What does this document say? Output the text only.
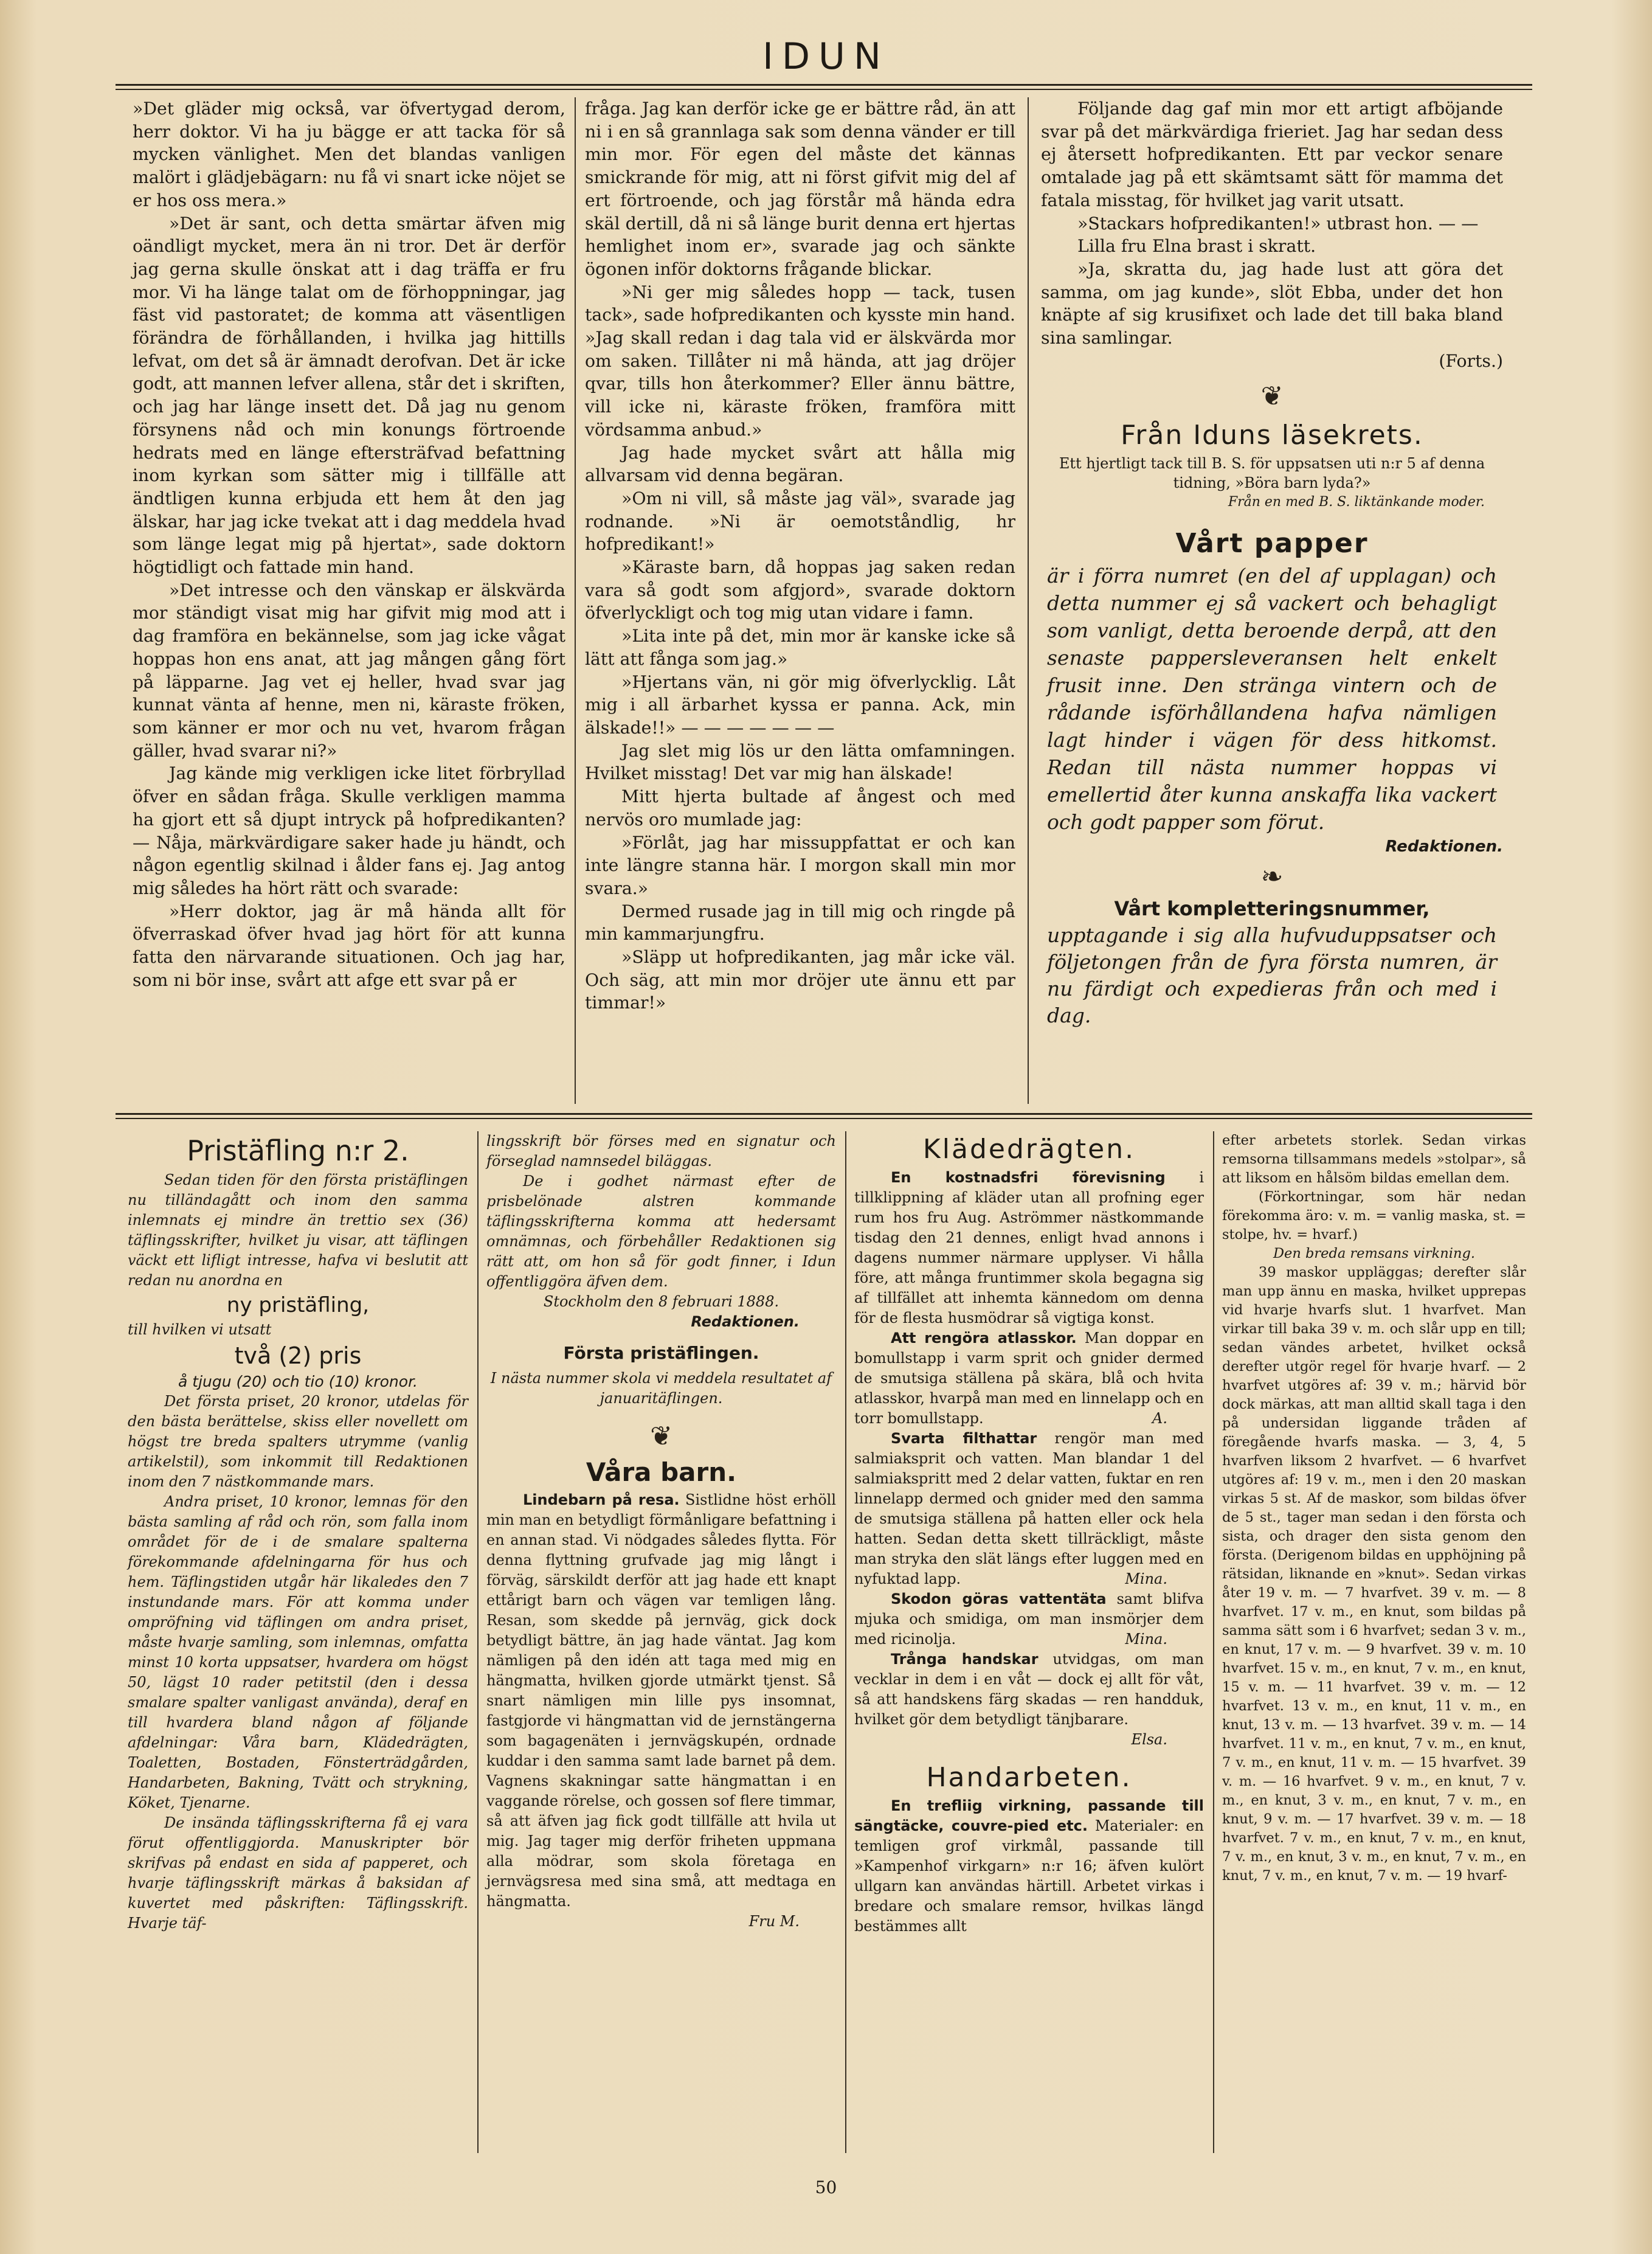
IDUN

»Det gläder mig också, var öfvertygad derom, herr doktor. Vi ha ju bägge er att tacka för så mycken vänlighet. Men det blandas vanligen malört i glädjebägarn: nu få vi snart icke nöjet se er hos oss mera.»

»Det är sant, och detta smärtar äfven mig oändligt mycket, mera än ni tror. Det är derför jag gerna skulle önskat att i dag träffa er fru mor. Vi ha länge talat om de förhoppningar, jag fäst vid pastoratet; de komma att väsentligen förändra de förhållanden, i hvilka jag hittills lefvat, om det så är ämnadt derofvan. Det är icke godt, att mannen lefver allena, står det i skriften, och jag har länge insett det. Då jag nu genom försynens nåd och min konungs förtroende hedrats med en länge eftersträfvad befattning inom kyrkan som sätter mig i tillfälle att ändtligen kunna erbjuda ett hem åt den jag älskar, har jag icke tvekat att i dag meddela hvad som länge legat mig på hjertat», sade doktorn högtidligt och fattade min hand.

»Det intresse och den vänskap er älskvärda mor ständigt visat mig har gifvit mig mod att i dag framföra en bekännelse, som jag icke vågat hoppas hon ens anat, att jag mången gång fört på läpparne. Jag vet ej heller, hvad svar jag kunnat vänta af henne, men ni, käraste fröken, som känner er mor och nu vet, hvarom frågan gäller, hvad svarar ni?»

Jag kände mig verkligen icke litet förbryllad öfver en sådan fråga. Skulle verkligen mamma ha gjort ett så djupt intryck på hofpredikanten? — Nåja, märkvärdigare saker hade ju händt, och någon egentlig skilnad i ålder fans ej. Jag antog mig således ha hört rätt och svarade:

»Herr doktor, jag är må hända allt för öfverraskad öfver hvad jag hört för att kunna fatta den närvarande situationen. Och jag har, som ni bör inse, svårt att afge ett svar på er

fråga. Jag kan derför icke ge er bättre råd, än att ni i en så grannlaga sak som denna vänder er till min mor. För egen del måste det kännas smickrande för mig, att ni först gifvit mig del af ert förtroende, och jag förstår må hända edra skäl dertill, då ni så länge burit denna ert hjertas hemlighet inom er», svarade jag och sänkte ögonen inför doktorns frågande blickar.

»Ni ger mig således hopp — tack, tusen tack», sade hofpredikanten och kysste min hand. »Jag skall redan i dag tala vid er älskvärda mor om saken. Tillåter ni må hända, att jag dröjer qvar, tills hon återkommer? Eller ännu bättre, vill icke ni, käraste fröken, framföra mitt vördsamma anbud.»

Jag hade mycket svårt att hålla mig allvarsam vid denna begäran.

»Om ni vill, så måste jag väl», svarade jag rodnande. »Ni är oemotståndlig, hr hofpredikant!»

»Käraste barn, då hoppas jag saken redan vara så godt som afgjord», svarade doktorn öfverlyckligt och tog mig utan vidare i famn.

»Lita inte på det, min mor är kanske icke så lätt att fånga som jag.»

»Hjertans vän, ni gör mig öfverlycklig. Låt mig i all ärbarhet kyssa er panna. Ack, min älskade!!» — — — — — — —

Jag slet mig lös ur den lätta omfamningen. Hvilket misstag! Det var mig han älskade!

Mitt hjerta bultade af ångest och med nervös oro mumlade jag:

»Förlåt, jag har missuppfattat er och kan inte längre stanna här. I morgon skall min mor svara.»

Dermed rusade jag in till mig och ringde på min kammarjungfru.

»Släpp ut hofpredikanten, jag mår icke väl. Och säg, att min mor dröjer ute ännu ett par timmar!»

Följande dag gaf min mor ett artigt afböjande svar på det märkvärdiga frieriet. Jag har sedan dess ej återsett hofpredikanten. Ett par veckor senare omtalade jag på ett skämtsamt sätt för mamma det fatala misstag, för hvilket jag varit utsatt.

»Stackars hofpredikanten!» utbrast hon. — —

Lilla fru Elna brast i skratt.

»Ja, skratta du, jag hade lust att göra det samma, om jag kunde», slöt Ebba, under det hon knäpte af sig krusifixet och lade det till baka bland sina samlingar.

(Forts.)

❦
Från Iduns läsekrets.

Ett hjertligt tack till B. S. för uppsatsen uti n:r 5 af denna tidning, »Böra barn lyda?»

Från en med B. S. liktänkande moder.

Vårt papper

är i förra numret (en del af upplagan) och detta nummer ej så vackert och behagligt som vanligt, detta beroende derpå, att den senaste pappersleveransen helt enkelt frusit inne. Den stränga vintern och de rådande isförhållandena hafva nämligen lagt hinder i vägen för dess hitkomst. Redan till nästa nummer hoppas vi emellertid åter kunna anskaffa lika vackert och godt papper som förut.

Redaktionen.

❧
Vårt kompletteringsnummer,

upptagande i sig alla hufvuduppsatser och följetongen från de fyra första numren, är nu färdigt och expedieras från och med i dag.

Pristäfling n:r 2.

Sedan tiden för den första pristäflingen nu tilländagått och inom den samma inlemnats ej mindre än trettio sex (36) täflingsskrifter, hvilket ju visar, att täflingen väckt ett lifligt intresse, hafva vi beslutit att redan nu anordna en

ny pristäfling,

till hvilken vi utsatt

två (2) pris

å tjugu (20) och tio (10) kronor.

Det första priset, 20 kronor, utdelas för den bästa berättelse, skiss eller novellett om högst tre breda spalters utrymme (vanlig artikelstil), som inkommit till Redaktionen inom den 7 nästkommande mars.

Andra priset, 10 kronor, lemnas för den bästa samling af råd och rön, som falla inom området för de i de smalare spalterna förekommande afdelningarna för hus och hem. Täflingstiden utgår här likaledes den 7 instundande mars. För att komma under ompröfning vid täflingen om andra priset, måste hvarje samling, som inlemnas, omfatta minst 10 korta uppsatser, hvardera om högst 50, lägst 10 rader petitstil (den i dessa smalare spalter vanligast använda), deraf en till hvardera bland någon af följande afdelningar: Våra barn, Klädedrägten, Toaletten, Bostaden, Fönsterträdgården, Handarbeten, Bakning, Tvätt och strykning, Köket, Tjenarne.

De insända täflingsskrifterna få ej vara förut offentliggjorda. Manuskripter bör skrifvas på endast en sida af papperet, och hvarje täflingsskrift märkas å baksidan af kuvertet med påskriften: Täflingsskrift. Hvarje täf-

lingsskrift bör förses med en signatur och förseglad namnsedel biläggas.

De i godhet närmast efter de prisbelönade alstren kommande täflingsskrifterna komma att hedersamt omnämnas, och förbehåller Redaktionen sig rätt att, om hon så för godt finner, i Idun offentliggöra äfven dem.

Stockholm den 8 februari 1888.

Redaktionen.

Första pristäflingen.

I nästa nummer skola vi meddela resultatet af januaritäflingen.

❦
Våra barn.

Lindebarn på resa. Sistlidne höst erhöll min man en betydligt förmånligare befattning i en annan stad. Vi nödgades således flytta. För denna flyttning grufvade jag mig långt i förväg, särskildt derför att jag hade ett knapt ettårigt barn och vägen var temligen lång. Resan, som skedde på jernväg, gick dock betydligt bättre, än jag hade väntat. Jag kom nämligen på den idén att taga med mig en hängmatta, hvilken gjorde utmärkt tjenst. Så snart nämligen min lille pys insomnat, fastgjorde vi hängmattan vid de jernstängerna som bagagenäten i jernvägskupén, ordnade kuddar i den samma samt lade barnet på dem. Vagnens skakningar satte hängmattan i en vaggande rörelse, och gossen sof flere timmar, så att äfven jag fick godt tillfälle att hvila ut mig. Jag tager mig derför friheten uppmana alla mödrar, som skola företaga en jernvägsresa med sina små, att medtaga en hängmatta.

Fru M.

Klädedrägten.

En kostnadsfri förevisning i tillklippning af kläder utan all profning eger rum hos fru Aug. Aströmmer nästkommande tisdag den 21 dennes, enligt hvad annons i dagens nummer närmare upplyser. Vi hålla före, att många fruntimmer skola begagna sig af tillfället att inhemta kännedom om denna för de flesta husmödrar så vigtiga konst.

Att rengöra atlasskor. Man doppar en bomullstapp i varm sprit och gnider dermed de smutsiga ställena på skära, blå och hvita atlasskor, hvarpå man med en linnelapp och en torr bomullstapp.	A.

Svarta filthattar rengör man med salmiaksprit och vatten. Man blandar 1 del salmiakspritt med 2 delar vatten, fuktar en ren linnelapp dermed och gnider med den samma de smutsiga ställena på hatten eller ock hela hatten. Sedan detta skett tillräckligt, måste man stryka den slät längs efter luggen med en nyfuktad lapp.	Mina.

Skodon göras vattentäta samt blifva mjuka och smidiga, om man insmörjer dem med ricinolja.	Mina.

Trånga handskar utvidgas, om man vecklar in dem i en våt — dock ej allt för våt, så att handskens färg skadas — ren handduk, hvilket gör dem betydligt tänjbarare.
Elsa.

Handarbeten.

En trefliig virkning, passande till sängtäcke, couvre-pied etc. Materialer: en temligen grof virkmål, passande till »Kampenhof virkgarn» n:r 16; äfven kulört ullgarn kan användas härtill. Arbetet virkas i bredare och smalare remsor, hvilkas längd bestämmes allt

efter arbetets storlek. Sedan virkas remsorna tillsammans medels »stolpar», så att liksom en hålsöm bildas emellan dem.

(Förkortningar, som här nedan förekomma äro: v. m. = vanlig maska, st. = stolpe, hv. = hvarf.)

Den breda remsans virkning.

39 maskor uppläggas; derefter slår man upp ännu en maska, hvilket upprepas vid hvarje hvarfs slut. 1 hvarfvet. Man virkar till baka 39 v. m. och slår upp en till; sedan vändes arbetet, hvilket också derefter utgör regel för hvarje hvarf. — 2 hvarfvet utgöres af: 39 v. m.; härvid bör dock märkas, att man alltid skall taga i den på undersidan liggande tråden af föregående hvarfs maska. — 3, 4, 5 hvarfven liksom 2 hvarfvet. — 6 hvarfvet utgöres af: 19 v. m., men i den 20 maskan virkas 5 st. Af de maskor, som bildas öfver de 5 st., tager man sedan i den första och sista, och drager den sista genom den första. (Derigenom bildas en upphöjning på rätsidan, liknande en »knut». Sedan virkas åter 19 v. m. — 7 hvarfvet. 39 v. m. — 8 hvarfvet. 17 v. m., en knut, som bildas på samma sätt som i 6 hvarfvet; sedan 3 v. m., en knut, 17 v. m. — 9 hvarfvet. 39 v. m. 10 hvarfvet. 15 v. m., en knut, 7 v. m., en knut, 15 v. m. — 11 hvarfvet. 39 v. m. — 12 hvarfvet. 13 v. m., en knut, 11 v. m., en knut, 13 v. m. — 13 hvarfvet. 39 v. m. — 14 hvarfvet. 11 v. m., en knut, 7 v. m., en knut, 7 v. m., en knut, 11 v. m. — 15 hvarfvet. 39 v. m. — 16 hvarfvet. 9 v. m., en knut, 7 v. m., en knut, 3 v. m., en knut, 7 v. m., en knut, 9 v. m. — 17 hvarfvet. 39 v. m. — 18 hvarfvet. 7 v. m., en knut, 7 v. m., en knut, 7 v. m., en knut, 3 v. m., en knut, 7 v. m., en knut, 7 v. m., en knut, 7 v. m. — 19 hvarf-

50
